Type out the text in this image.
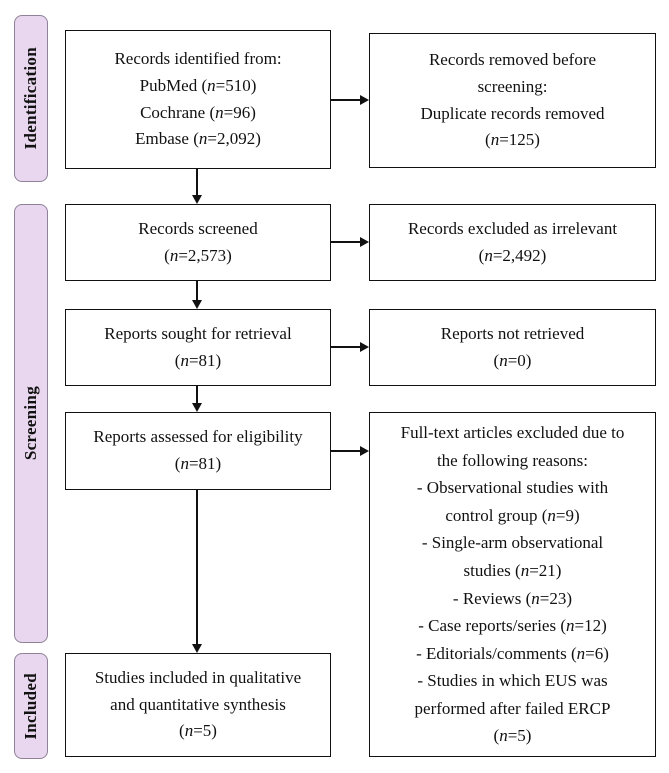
Identification
Screening
Included
Records identified from:
PubMed (n=510)
Cochrane (n=96)
Embase (n=2,092)
Records screened
(n=2,573)
Reports sought for retrieval
(n=81)
Reports assessed for eligibility
(n=81)
Studies included in qualitative
and quantitative synthesis
(n=5)
Records removed before
screening:
Duplicate records removed
(n=125)
Records excluded as irrelevant
(n=2,492)
Reports not retrieved
(n=0)
Full-text articles excluded due to
the following reasons:
- Observational studies with
control group (n=9)
- Single-arm observational
studies (n=21)
- Reviews (n=23)
- Case reports/series (n=12)
- Editorials/comments (n=6)
- Studies in which EUS was
performed after failed ERCP
(n=5)
